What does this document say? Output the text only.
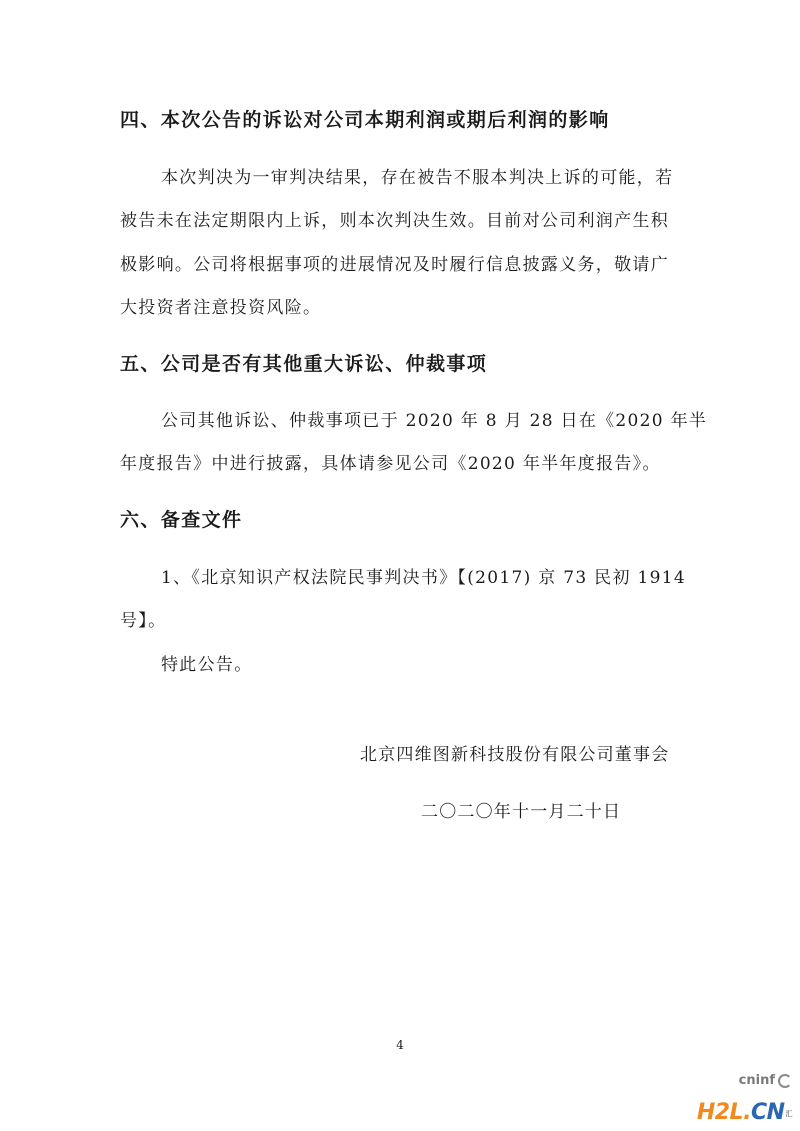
四、本次公告的诉讼对公司本期利润或期后利润的影响

本次判决为一审判决结果，存在被告不服本判决上诉的可能，若

被告未在法定期限内上诉，则本次判决生效。目前对公司利润产生积

极影响。公司将根据事项的进展情况及时履行信息披露义务，敬请广

大投资者注意投资风险。

五、公司是否有其他重大诉讼、仲裁事项

公司其他诉讼、仲裁事项已于 2020 年 8 月 28 日在《2020 年半

年度报告》中进行披露，具体请参见公司《2020 年半年度报告》。

六、备查文件

1、《北京知识产权法院民事判决书》【(2017) 京 73 民初 1914

号】。

特此公告。

北京四维图新科技股份有限公司董事会
二〇二〇年十一月二十日
4
cninf
H2L.CN汇
